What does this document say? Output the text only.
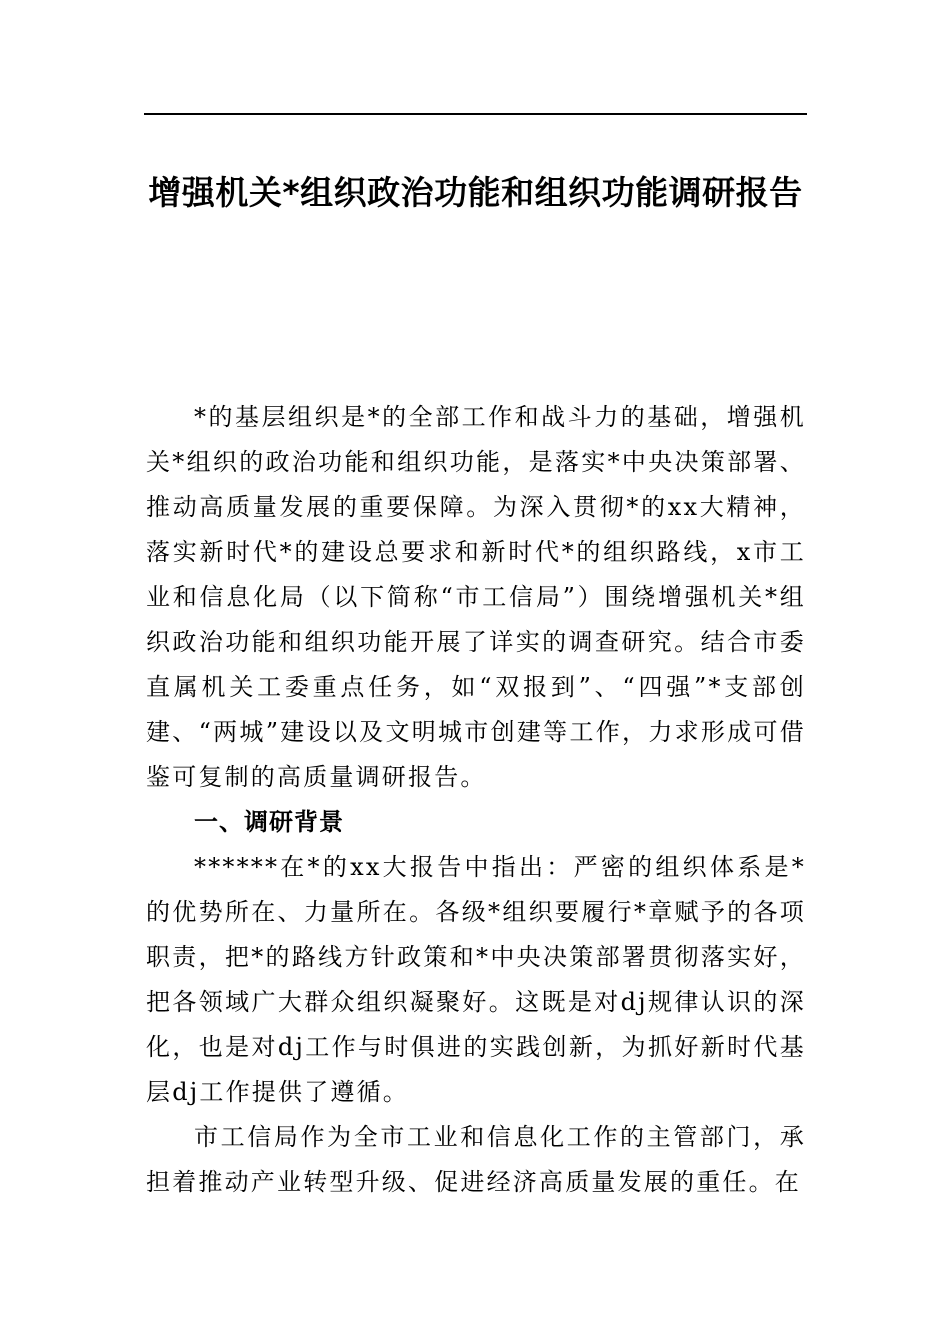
增强机关*组织政治功能和组织功能调研报告

*的基层组织是*的全部工作和战斗力的基础，增强机关*组织的政治功能和组织功能，是落实*中央决策部署、推动高质量发展的重要保障。为深入贯彻*的xx大精神，落实新时代*的建设总要求和新时代*的组织路线，x市工业和信息化局（以下简称“市工信局”）围绕增强机关*组织政治功能和组织功能开展了详实的调查研究。结合市委直属机关工委重点任务，如“双报到”、“四强”*支部创建、“两城”建设以及文明城市创建等工作，力求形成可借鉴可复制的高质量调研报告。

一、调研背景

******在*的xx大报告中指出：严密的组织体系是*的优势所在、力量所在。各级*组织要履行*章赋予的各项职责，把*的路线方针政策和*中央决策部署贯彻落实好，把各领域广大群众组织凝聚好。这既是对dj规律认识的深化，也是对dj工作与时俱进的实践创新，为抓好新时代基层dj工作提供了遵循。

市工信局作为全市工业和信息化工作的主管部门，承担着推动产业转型升级、促进经济高质量发展的重任。在
